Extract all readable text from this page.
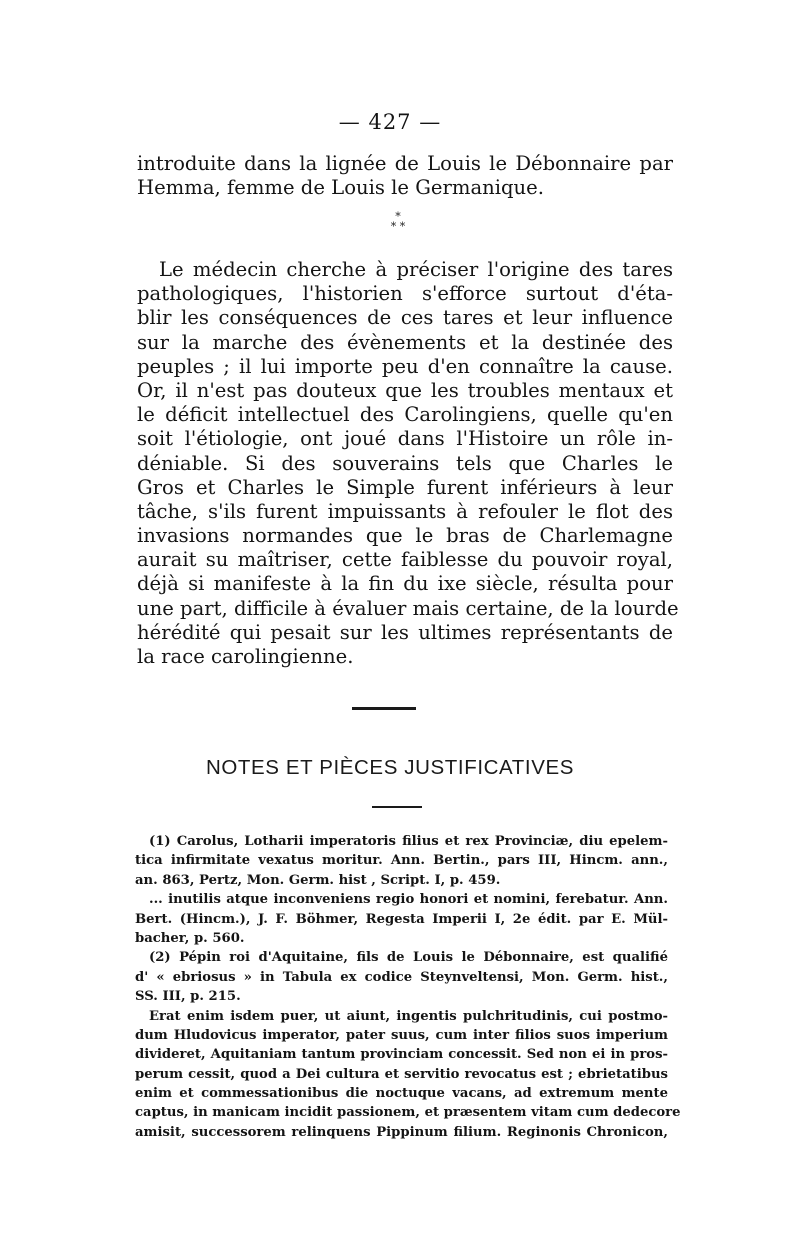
— 427 —
introduite dans la lignée de Louis le Débonnaire par
Hemma, femme de Louis le Germanique.
*
* *
Le médecin cherche à préciser l'origine des tares
pathologiques, l'historien s'efforce surtout d'éta-
blir les conséquences de ces tares et leur influence
sur la marche des évènements et la destinée des
peuples ; il lui importe peu d'en connaître la cause.
Or, il n'est pas douteux que les troubles mentaux et
le déficit intellectuel des Carolingiens, quelle qu'en
soit l'étiologie, ont joué dans l'Histoire un rôle in-
déniable. Si des souverains tels que Charles le
Gros et Charles le Simple furent inférieurs à leur
tâche, s'ils furent impuissants à refouler le flot des
invasions normandes que le bras de Charlemagne
aurait su maîtriser, cette faiblesse du pouvoir royal,
déjà si manifeste à la fin du ixe siècle, résulta pour
une part, difficile à évaluer mais certaine, de la lourde
hérédité qui pesait sur les ultimes représentants de
la race carolingienne.
NOTES ET PIÈCES JUSTIFICATIVES
(1) Carolus, Lotharii imperatoris filius et rex Provinciæ, diu epelem-
tica infirmitate vexatus moritur. Ann. Bertin., pars III, Hincm. ann.,
an. 863, Pertz, Mon. Germ. hist , Script. I, p. 459.
... inutilis atque inconveniens regio honori et nomini, ferebatur. Ann.
Bert. (Hincm.), J. F. Böhmer, Regesta Imperii I, 2e édit. par E. Mül-
bacher, p. 560.
(2) Pépin roi d'Aquitaine, fils de Louis le Débonnaire, est qualifié
d' « ebriosus » in Tabula ex codice Steynveltensi, Mon. Germ. hist.,
SS. III, p. 215.
Erat enim isdem puer, ut aiunt, ingentis pulchritudinis, cui postmo-
dum Hludovicus imperator, pater suus, cum inter filios suos imperium
divideret, Aquitaniam tantum provinciam concessit. Sed non ei in pros-
perum cessit, quod a Dei cultura et servitio revocatus est ; ebrietatibus
enim et commessationibus die noctuque vacans, ad extremum mente
captus, in manicam incidit passionem, et præsentem vitam cum dedecore
amisit, successorem relinquens Pippinum filium. Reginonis Chronicon,
